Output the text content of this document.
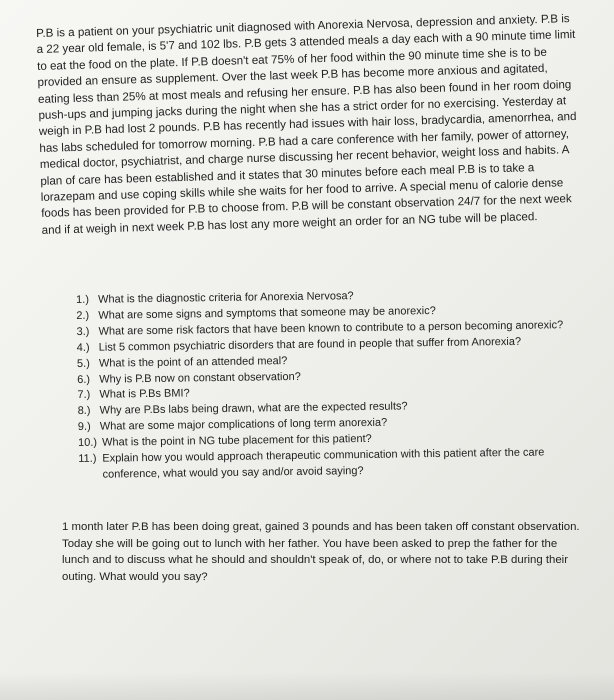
P.B is a patient on your psychiatric unit diagnosed with Anorexia Nervosa, depression and anxiety. P.B is a 22 year old female, is 5'7 and 102 lbs. P.B gets 3 attended meals a day each with a 90 minute time limit to eat the food on the plate. If P.B doesn't eat 75% of her food within the 90 minute time she is to be provided an ensure as supplement. Over the last week P.B has become more anxious and agitated, eating less than 25% at most meals and refusing her ensure. P.B has also been found in her room doing push-ups and jumping jacks during the night when she has a strict order for no exercising. Yesterday at weigh in P.B had lost 2 pounds. P.B has recently had issues with hair loss, bradycardia, amenorrhea, and has labs scheduled for tomorrow morning. P.B had a care conference with her family, power of attorney, medical doctor, psychiatrist, and charge nurse discussing her recent behavior, weight loss and habits. A plan of care has been established and it states that 30 minutes before each meal P.B is to take a lorazepam and use coping skills while she waits for her food to arrive. A special menu of calorie dense foods has been provided for P.B to choose from. P.B will be constant observation 24/7 for the next week and if at weigh in next week P.B has lost any more weight an order for an NG tube will be placed.

1.) What is the diagnostic criteria for Anorexia Nervosa?
2.) What are some signs and symptoms that someone may be anorexic?
3.) What are some risk factors that have been known to contribute to a person becoming anorexic?
4.) List 5 common psychiatric disorders that are found in people that suffer from Anorexia?
5.) What is the point of an attended meal?
6.) Why is P.B now on constant observation?
7.) What is P.Bs BMI?
8.) Why are P.Bs labs being drawn, what are the expected results?
9.) What are some major complications of long term anorexia?
10.) What is the point in NG tube placement for this patient?
11.) Explain how you would approach therapeutic communication with this patient after the care conference, what would you say and/or avoid saying?

1 month later P.B has been doing great, gained 3 pounds and has been taken off constant observation. Today she will be going out to lunch with her father. You have been asked to prep the father for the lunch and to discuss what he should and shouldn't speak of, do, or where not to take P.B during their outing. What would you say?
